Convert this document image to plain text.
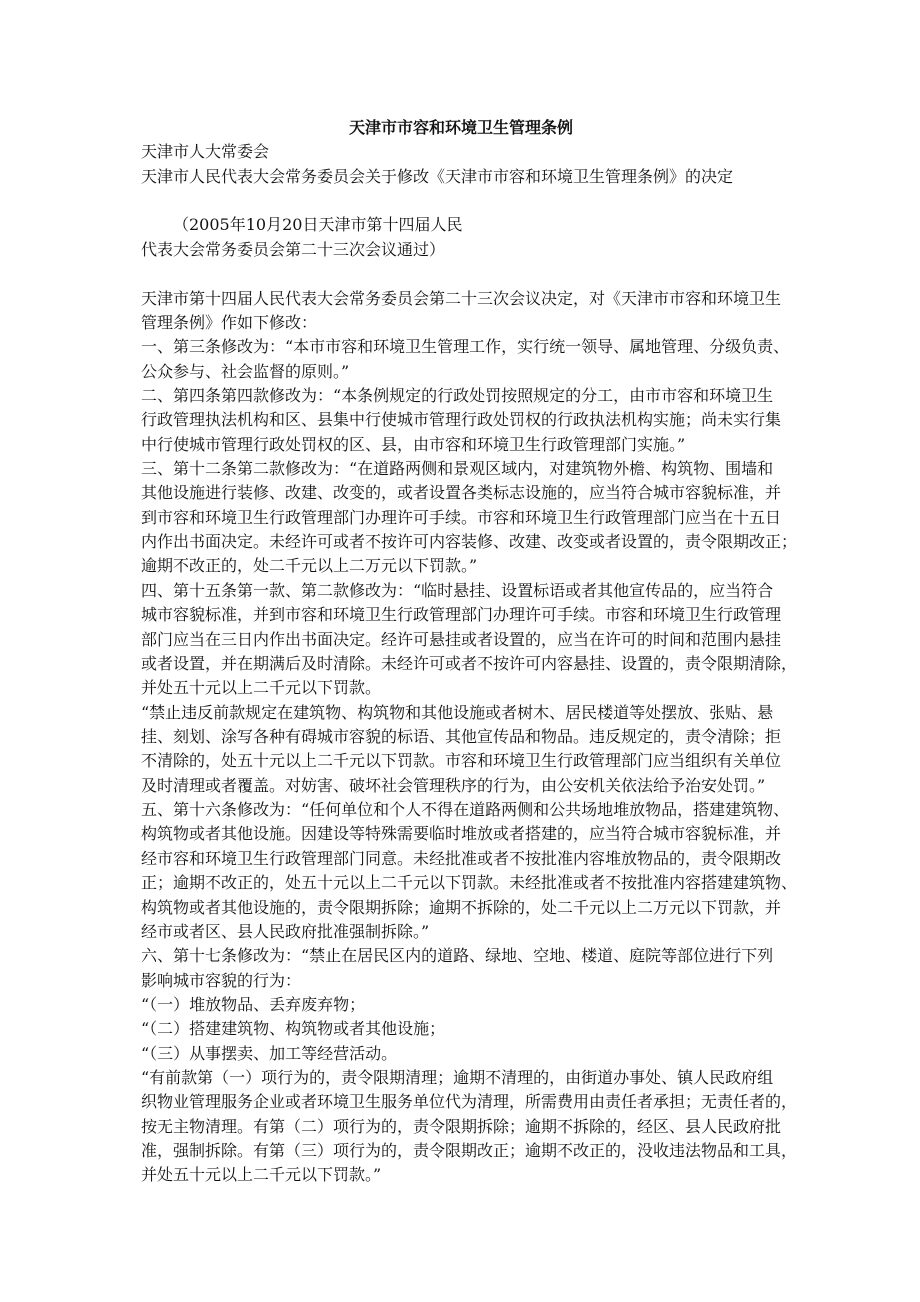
天津市市容和环境卫生管理条例
天津市人大常委会
天津市人民代表大会常务委员会关于修改《天津市市容和环境卫生管理条例》的决定
（2005年10月20日天津市第十四届人民
代表大会常务委员会第二十三次会议通过）
天津市第十四届人民代表大会常务委员会第二十三次会议决定，对《天津市市容和环境卫生
管理条例》作如下修改：
一、第三条修改为：“本市市容和环境卫生管理工作，实行统一领导、属地管理、分级负责、
公众参与、社会监督的原则。”
二、第四条第四款修改为：“本条例规定的行政处罚按照规定的分工，由市市容和环境卫生
行政管理执法机构和区、县集中行使城市管理行政处罚权的行政执法机构实施；尚未实行集
中行使城市管理行政处罚权的区、县，由市容和环境卫生行政管理部门实施。”
三、第十二条第二款修改为：“在道路两侧和景观区域内，对建筑物外檐、构筑物、围墙和
其他设施进行装修、改建、改变的，或者设置各类标志设施的，应当符合城市容貌标准，并
到市容和环境卫生行政管理部门办理许可手续。市容和环境卫生行政管理部门应当在十五日
内作出书面决定。未经许可或者不按许可内容装修、改建、改变或者设置的，责令限期改正；
逾期不改正的，处二千元以上二万元以下罚款。”
四、第十五条第一款、第二款修改为：“临时悬挂、设置标语或者其他宣传品的，应当符合
城市容貌标准，并到市容和环境卫生行政管理部门办理许可手续。市容和环境卫生行政管理
部门应当在三日内作出书面决定。经许可悬挂或者设置的，应当在许可的时间和范围内悬挂
或者设置，并在期满后及时清除。未经许可或者不按许可内容悬挂、设置的，责令限期清除，
并处五十元以上二千元以下罚款。
“禁止违反前款规定在建筑物、构筑物和其他设施或者树木、居民楼道等处摆放、张贴、悬
挂、刻划、涂写各种有碍城市容貌的标语、其他宣传品和物品。违反规定的，责令清除；拒
不清除的，处五十元以上二千元以下罚款。市容和环境卫生行政管理部门应当组织有关单位
及时清理或者覆盖。对妨害、破坏社会管理秩序的行为，由公安机关依法给予治安处罚。”
五、第十六条修改为：“任何单位和个人不得在道路两侧和公共场地堆放物品，搭建建筑物、
构筑物或者其他设施。因建设等特殊需要临时堆放或者搭建的，应当符合城市容貌标准，并
经市容和环境卫生行政管理部门同意。未经批准或者不按批准内容堆放物品的，责令限期改
正；逾期不改正的，处五十元以上二千元以下罚款。未经批准或者不按批准内容搭建建筑物、
构筑物或者其他设施的，责令限期拆除；逾期不拆除的，处二千元以上二万元以下罚款，并
经市或者区、县人民政府批准强制拆除。”
六、第十七条修改为：“禁止在居民区内的道路、绿地、空地、楼道、庭院等部位进行下列
影响城市容貌的行为：
“（一）堆放物品、丢弃废弃物；
“（二）搭建建筑物、构筑物或者其他设施；
“（三）从事摆卖、加工等经营活动。
“有前款第（一）项行为的，责令限期清理；逾期不清理的，由街道办事处、镇人民政府组
织物业管理服务企业或者环境卫生服务单位代为清理，所需费用由责任者承担；无责任者的，
按无主物清理。有第（二）项行为的，责令限期拆除；逾期不拆除的，经区、县人民政府批
准，强制拆除。有第（三）项行为的，责令限期改正；逾期不改正的，没收违法物品和工具，
并处五十元以上二千元以下罚款。”
